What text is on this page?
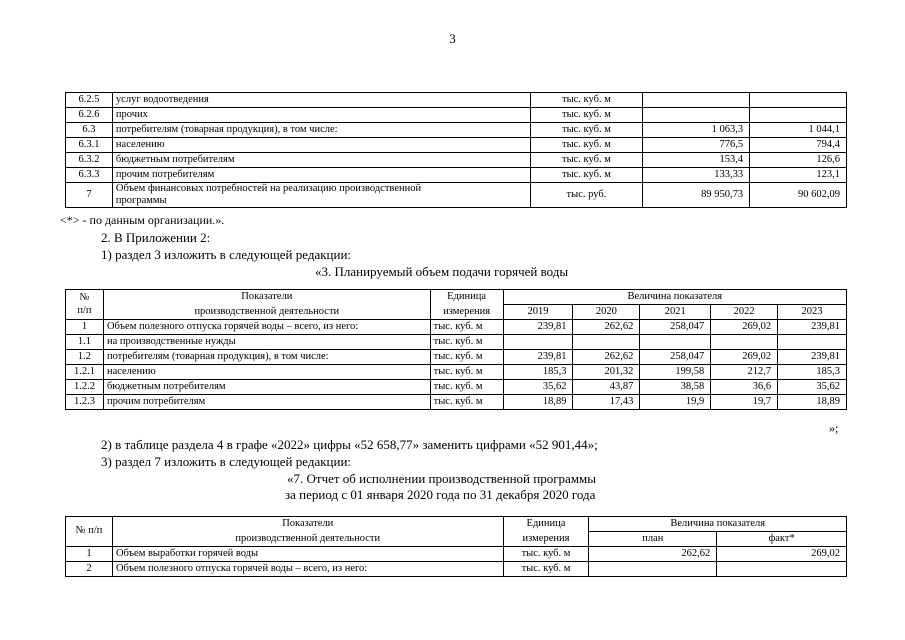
3
6.2.5	услуг водоотведения	тыс. куб. м		
6.2.6	прочих	тыс. куб. м		
6.3	потребителям (товарная продукция), в том числе:	тыс. куб. м	1 063,3	1 044,1
6.3.1	населению	тыс. куб. м	776,5	794,4
6.3.2	бюджетным потребителям	тыс. куб. м	153,4	126,6
6.3.3	прочим потребителям	тыс. куб. м	133,33	123,1
7	Объем финансовых потребностей на реализацию производственной
программы	тыс. руб.	89 950,73	90 602,09
<*> - по данным организации.».
2. В Приложении 2:
1) раздел 3 изложить в следующей редакции:
«3. Планируемый объем подачи горячей воды
№
п/п	Показатели	Единица	Величина показателя				
	производственной деятельности	измерения	2019	2020	2021	2022	2023
1	Объем полезного отпуска горячей воды – всего, из него:	тыс. куб. м	239,81	262,62	258,047	269,02	239,81
1.1	на производственные нужды	тыс. куб. м					
1.2	потребителям (товарная продукция), в том числе:	тыс. куб. м	239,81	262,62	258,047	269,02	239,81
1.2.1	населению	тыс. куб. м	185,3	201,32	199,58	212,7	185,3
1.2.2	бюджетным потребителям	тыс. куб. м	35,62	43,87	38,58	36,6	35,62
1.2.3	прочим потребителям	тыс. куб. м	18,89	17,43	19,9	19,7	18,89
»;
2) в таблице раздела 4 в графе «2022» цифры «52 658,77» заменить цифрами «52 901,44»;
3) раздел 7 изложить в следующей редакции:
«7. Отчет об исполнении производственной программы
за период с 01 января 2020 года по 31 декабря 2020 года
№ п/п	Показатели	Единица	Величина показателя	
	производственной деятельности	измерения	план	факт*
1	Объем выработки горячей воды	тыс. куб. м	262,62	269,02
2	Объем полезного отпуска горячей воды – всего, из него:	тыс. куб. м		
